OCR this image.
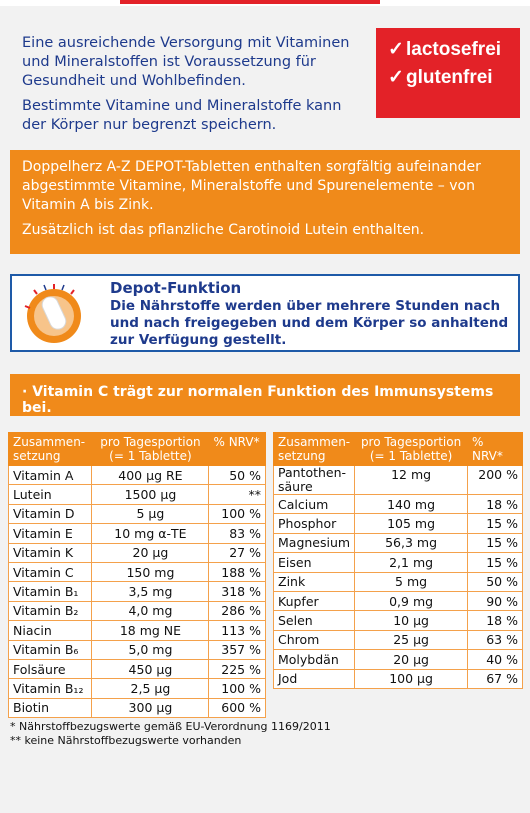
Eine ausreichende Versorgung mit Vitaminen und Mineralstoffen ist Voraussetzung für Gesundheit und Wohlbefinden.

Bestimmte Vitamine und Mineralstoffe kann der Körper nur begrenzt speichern.

✓ lactosefrei
✓ glutenfrei

Doppelherz A-Z DEPOT-Tabletten enthalten sorgfältig aufeinander abgestimmte Vitamine, Mineralstoffe und Spurenelemente – von Vitamin A bis Zink.

Zusätzlich ist das pflanzliche Carotinoid Lutein enthalten.

Depot-Funktion
Die Nährstoffe werden über mehrere Stunden nach und nach freigegeben und dem Körper so anhaltend zur Verfügung gestellt.
· Vitamin C trägt zur normalen Funktion des Immunsystems bei.
Zusammen-setzung	pro Tagesportion (= 1 Tablette)	% NRV*
Vitamin A	400 µg RE	50 %
Lutein	1500 µg	**
Vitamin D	5 µg	100 %
Vitamin E	10 mg α-TE	83 %
Vitamin K	20 µg	27 %
Vitamin C	150 mg	188 %
Vitamin B₁	3,5 mg	318 %
Vitamin B₂	4,0 mg	286 %
Niacin	18 mg NE	113 %
Vitamin B₆	5,0 mg	357 %
Folsäure	450 µg	225 %
Vitamin B₁₂	2,5 µg	100 %
Biotin	300 µg	600 %
Zusammen-setzung	pro Tagesportion (= 1 Tablette)	% NRV*
Pantothen-säure	12 mg	200 %
Calcium	140 mg	18 %
Phosphor	105 mg	15 %
Magnesium	56,3 mg	15 %
Eisen	2,1 mg	15 %
Zink	5 mg	50 %
Kupfer	0,9 mg	90 %
Selen	10 µg	18 %
Chrom	25 µg	63 %
Molybdän	20 µg	40 %
Jod	100 µg	67 %
* Nährstoffbezugswerte gemäß EU-Verordnung 1169/2011
** keine Nährstoffbezugswerte vorhanden
